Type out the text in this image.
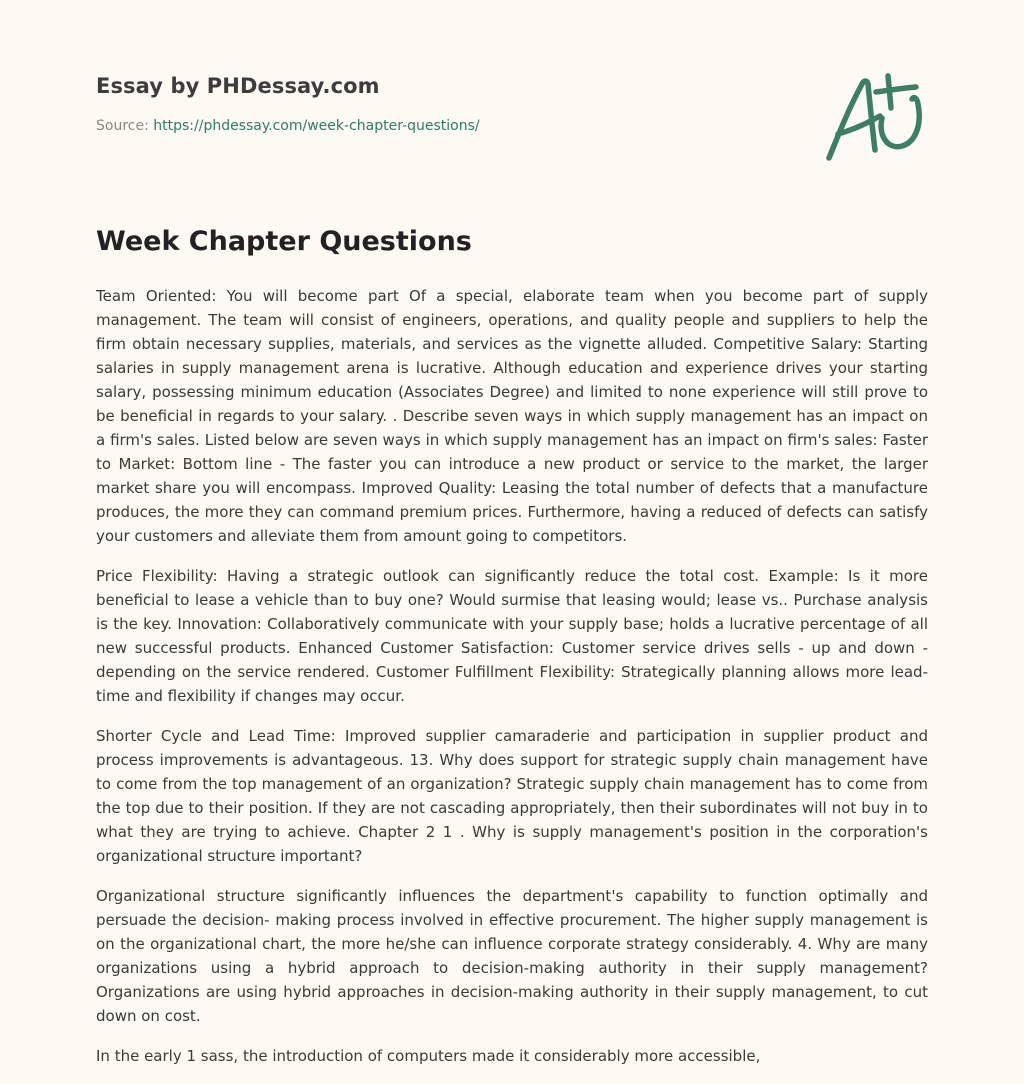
Essay by PHDessay.com
Source: https://phdessay.com/week-chapter-questions/
Week Chapter Questions

Team Oriented: You will become part Of a special, elaborate team when you become part of supply management. The team will consist of engineers, operations, and quality people and suppliers to help the firm obtain necessary supplies, materials, and services as the vignette alluded. Competitive Salary: Starting salaries in supply management arena is lucrative. Although education and experience drives your starting salary, possessing minimum education (Associates Degree) and limited to none experience will still prove to be beneficial in regards to your salary. . Describe seven ways in which supply management has an impact on a firm's sales. Listed below are seven ways in which supply management has an impact on firm's sales: Faster to Market: Bottom line - The faster you can introduce a new product or service to the market, the larger market share you will encompass. Improved Quality: Leasing the total number of defects that a manufacture produces, the more they can command premium prices. Furthermore, having a reduced of defects can satisfy your customers and alleviate them from amount going to competitors.

Price Flexibility: Having a strategic outlook can significantly reduce the total cost. Example: Is it more beneficial to lease a vehicle than to buy one? Would surmise that leasing would; lease vs.. Purchase analysis is the key. Innovation: Collaboratively communicate with your supply base; holds a lucrative percentage of all new successful products. Enhanced Customer Satisfaction: Customer service drives sells - up and down - depending on the service rendered. Customer Fulfillment Flexibility: Strategically planning allows more lead-time and flexibility if changes may occur.

Shorter Cycle and Lead Time: Improved supplier camaraderie and participation in supplier product and process improvements is advantageous. 13. Why does support for strategic supply chain management have to come from the top management of an organization? Strategic supply chain management has to come from the top due to their position. If they are not cascading appropriately, then their subordinates will not buy in to what they are trying to achieve. Chapter 2 1 . Why is supply management's position in the corporation's organizational structure important?

Organizational structure significantly influences the department's capability to function optimally and persuade the decision- making process involved in effective procurement. The higher supply management is on the organizational chart, the more he/she can influence corporate strategy considerably. 4. Why are many organizations using a hybrid approach to decision-making authority in their supply management? Organizations are using hybrid approaches in decision-making authority in their supply management, to cut down on cost.

In the early 1 sass, the introduction of computers made it considerably more accessible,
